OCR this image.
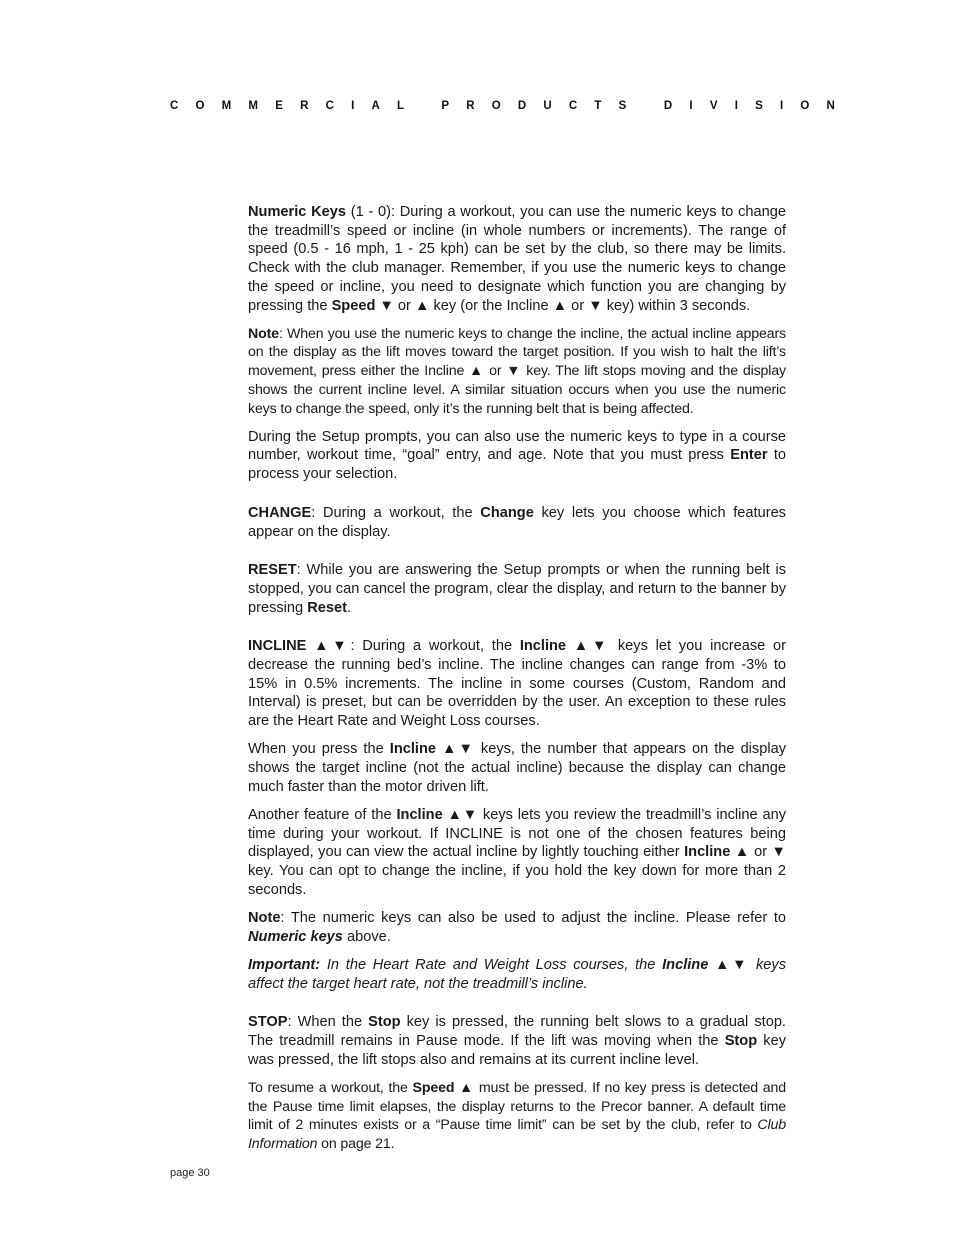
COMMERCIAL PRODUCTS DIVISION

Numeric Keys (1 - 0): During a workout, you can use the numeric keys to change the treadmill’s speed or incline (in whole numbers or increments). The range of speed (0.5 - 16 mph, 1 - 25 kph) can be set by the club, so there may be limits. Check with the club manager. Remember, if you use the numeric keys to change the speed or incline, you need to designate which function you are changing by pressing the Speed ▼ or ▲ key (or the Incline ▲ or ▼ key) within 3 seconds.

Note: When you use the numeric keys to change the incline, the actual incline appears on the display as the lift moves toward the target position. If you wish to halt the lift’s movement, press either the Incline ▲ or ▼ key. The lift stops moving and the display shows the current incline level. A similar situation occurs when you use the numeric keys to change the speed, only it’s the running belt that is being affected.

During the Setup prompts, you can also use the numeric keys to type in a course number, workout time, “goal” entry, and age. Note that you must press Enter to process your selection.

CHANGE: During a workout, the Change key lets you choose which features appear on the display.

RESET: While you are answering the Setup prompts or when the running belt is stopped, you can cancel the program, clear the display, and return to the banner by pressing Reset.

INCLINE ▲▼: During a workout, the Incline ▲▼ keys let you increase or decrease the running bed’s incline. The incline changes can range from -3% to 15% in 0.5% increments. The incline in some courses (Custom, Random and Interval) is preset, but can be overridden by the user. An exception to these rules are the Heart Rate and Weight Loss courses.

When you press the Incline ▲▼ keys, the number that appears on the display shows the target incline (not the actual incline) because the display can change much faster than the motor driven lift.

Another feature of the Incline ▲▼ keys lets you review the treadmill’s incline any time during your workout. If INCLINE is not one of the chosen features being displayed, you can view the actual incline by lightly touching either Incline ▲ or ▼ key. You can opt to change the incline, if you hold the key down for more than 2 seconds.

Note: The numeric keys can also be used to adjust the incline. Please refer to Numeric keys above.

Important: In the Heart Rate and Weight Loss courses, the Incline ▲▼ keys affect the target heart rate, not the treadmill’s incline.

STOP: When the Stop key is pressed, the running belt slows to a gradual stop. The treadmill remains in Pause mode. If the lift was moving when the Stop key was pressed, the lift stops also and remains at its current incline level.

To resume a workout, the Speed ▲ must be pressed. If no key press is detected and the Pause time limit elapses, the display returns to the Precor banner. A default time limit of 2 minutes exists or a “Pause time limit” can be set by the club, refer to Club Information on page 21.

page 30
